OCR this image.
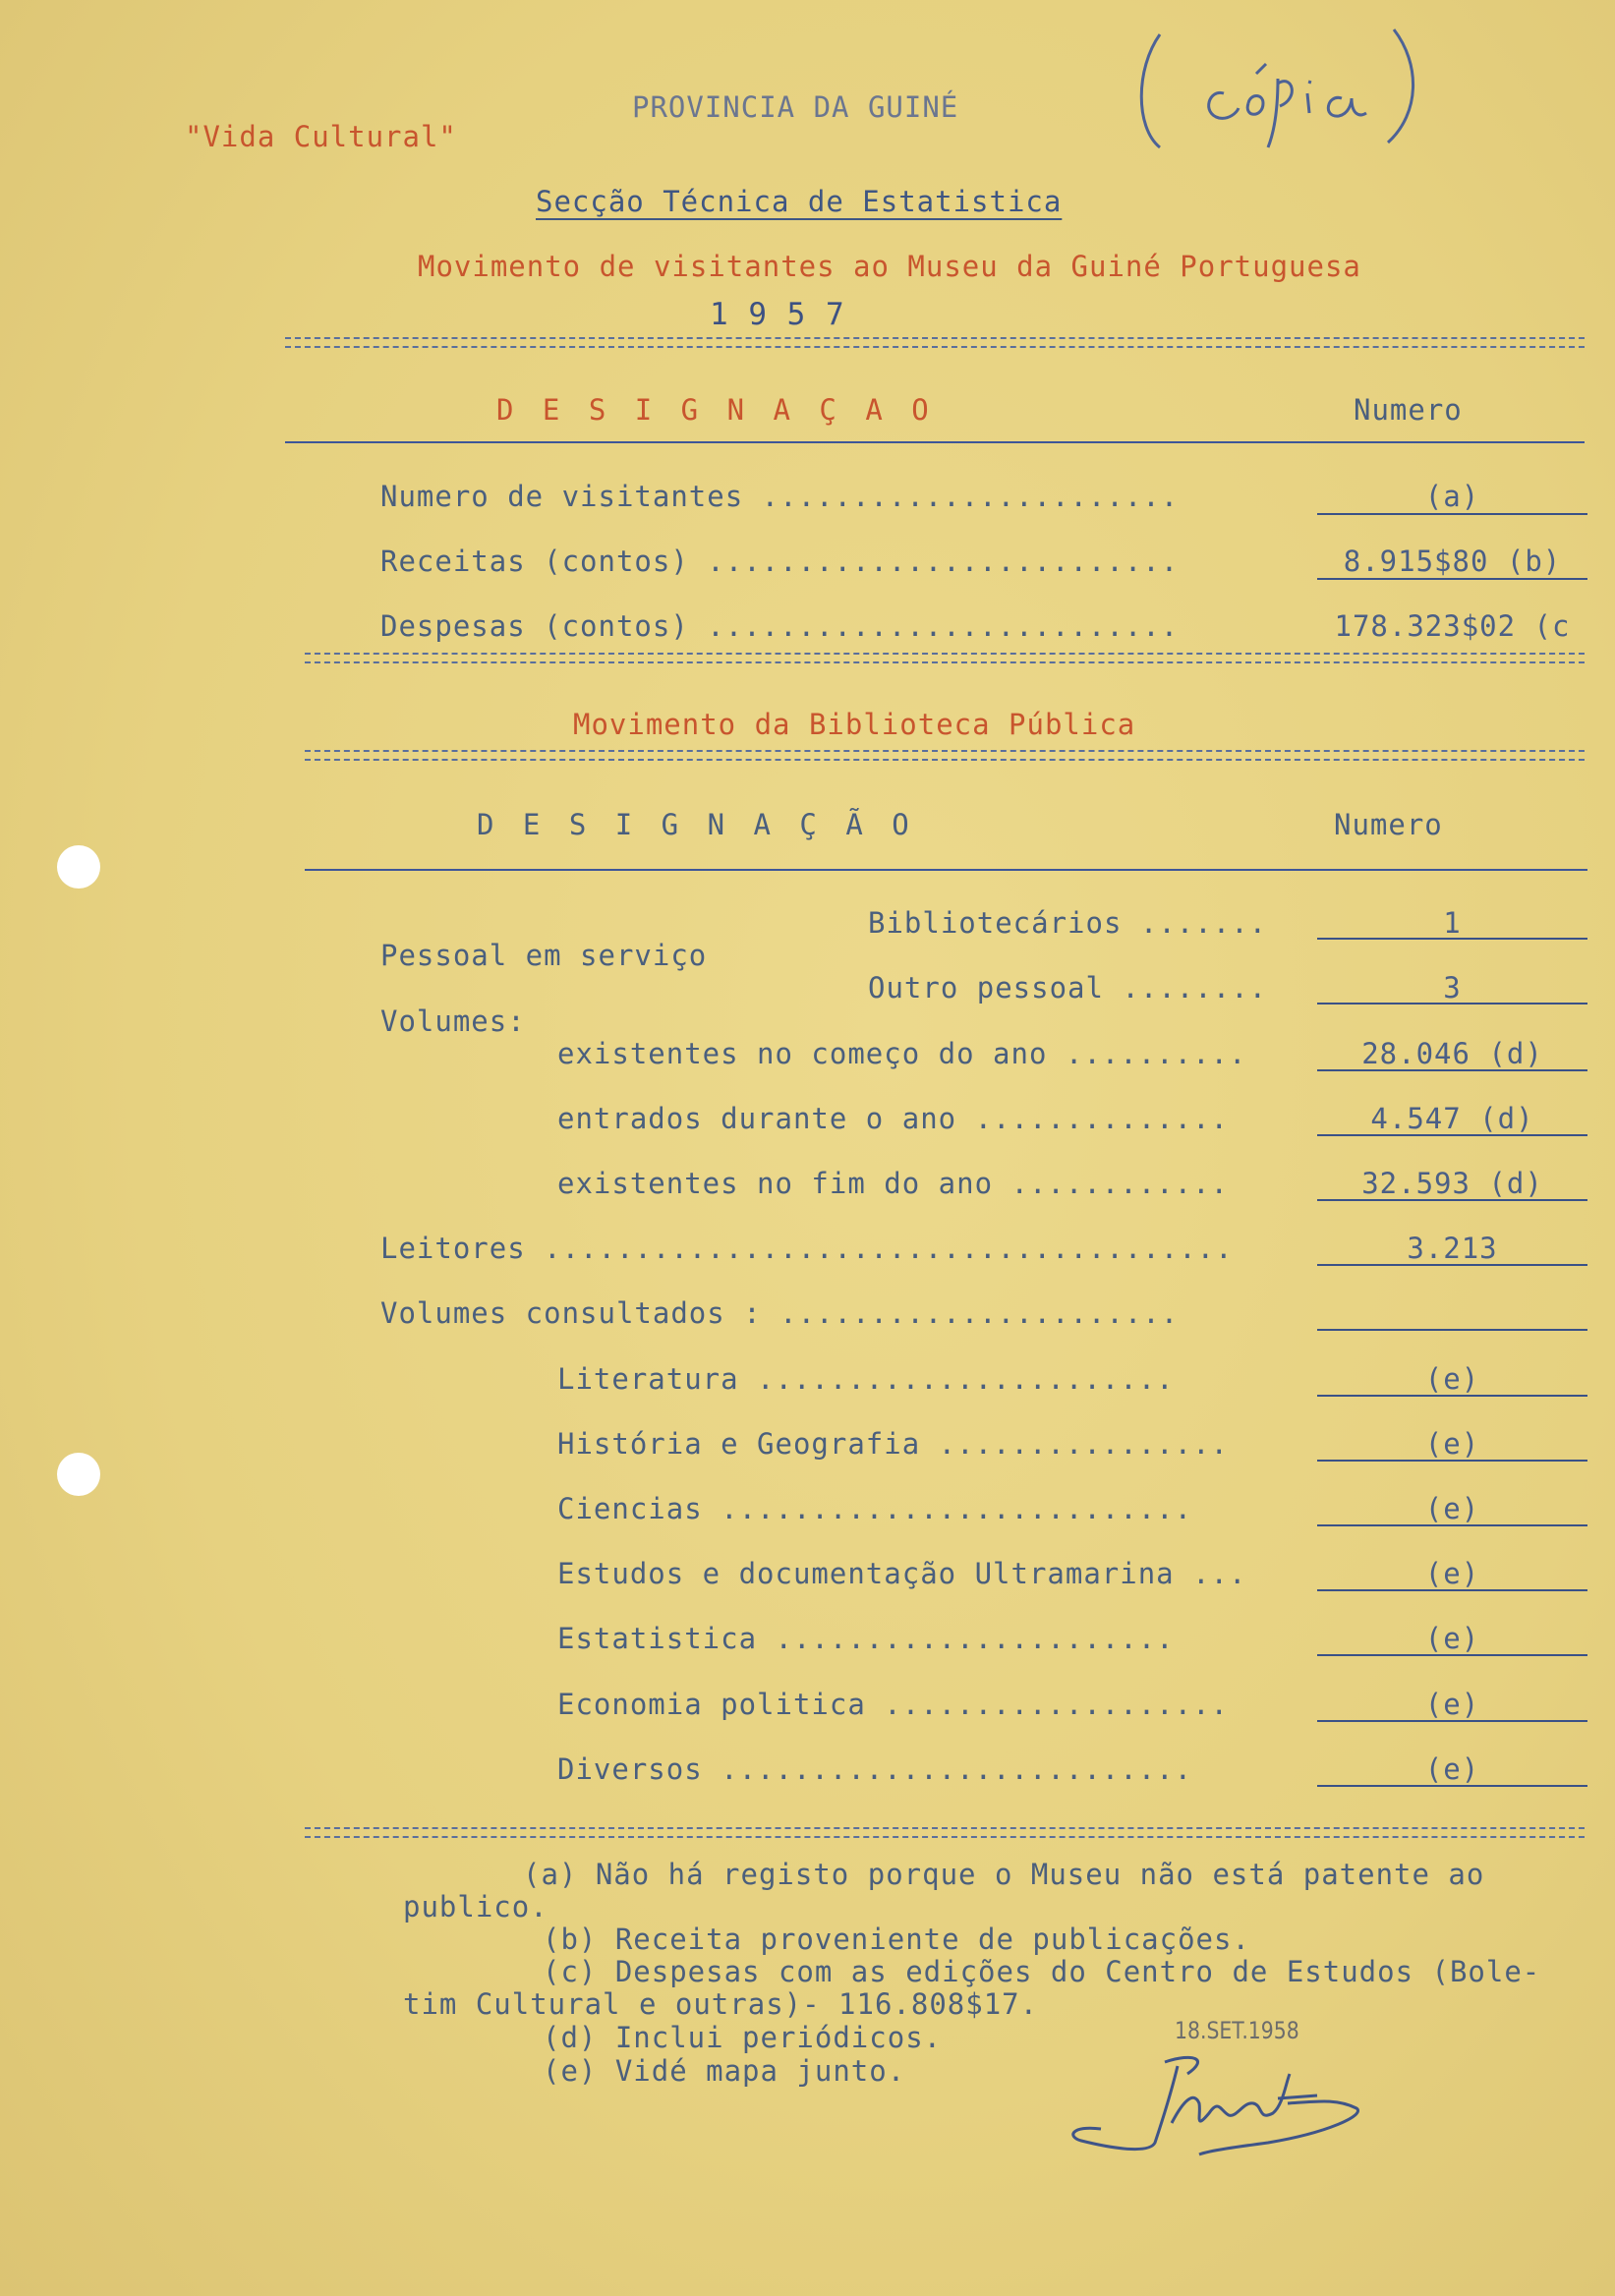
"Vida Cultural"
PROVINCIA DA GUINÉ
Secção Técnica de Estatistica
Movimento de visitantes ao Museu da Guiné Portuguesa
1 9 5 7
D E S I G N A Ç A O	Numero
Numero de visitantes .......................	(a)
Receitas (contos) ..........................	8.915$80 (b)
Despesas (contos) ..........................	178.323$02 (c
Movimento da Biblioteca Pública
D E S I G N A Ç Ã O	Numero
Pessoal em serviço
Bibliotecários .......	1
Outro pessoal ........	3
Volumes:
existentes no começo do ano ..........	28.046 (d)
entrados durante o ano ..............	4.547 (d)
existentes no fim do ano ............	32.593 (d)
Leitores ......................................	3.213
Volumes consultados : ......................
Literatura .......................	(e)
História e Geografia ................	(e)
Ciencias ..........................	(e)
Estudos e documentação Ultramarina ...	(e)
Estatistica ......................	(e)
Economia politica ...................	(e)
Diversos ..........................	(e)
(a) Não há registo porque o Museu não está patente ao
publico.
(b) Receita proveniente de publicações.
(c) Despesas com as edições do Centro de Estudos (Bole-
tim Cultural e outras)- 116.808$17.
(d) Inclui periódicos.
(e) Vidé mapa junto.
18.SET.1958
